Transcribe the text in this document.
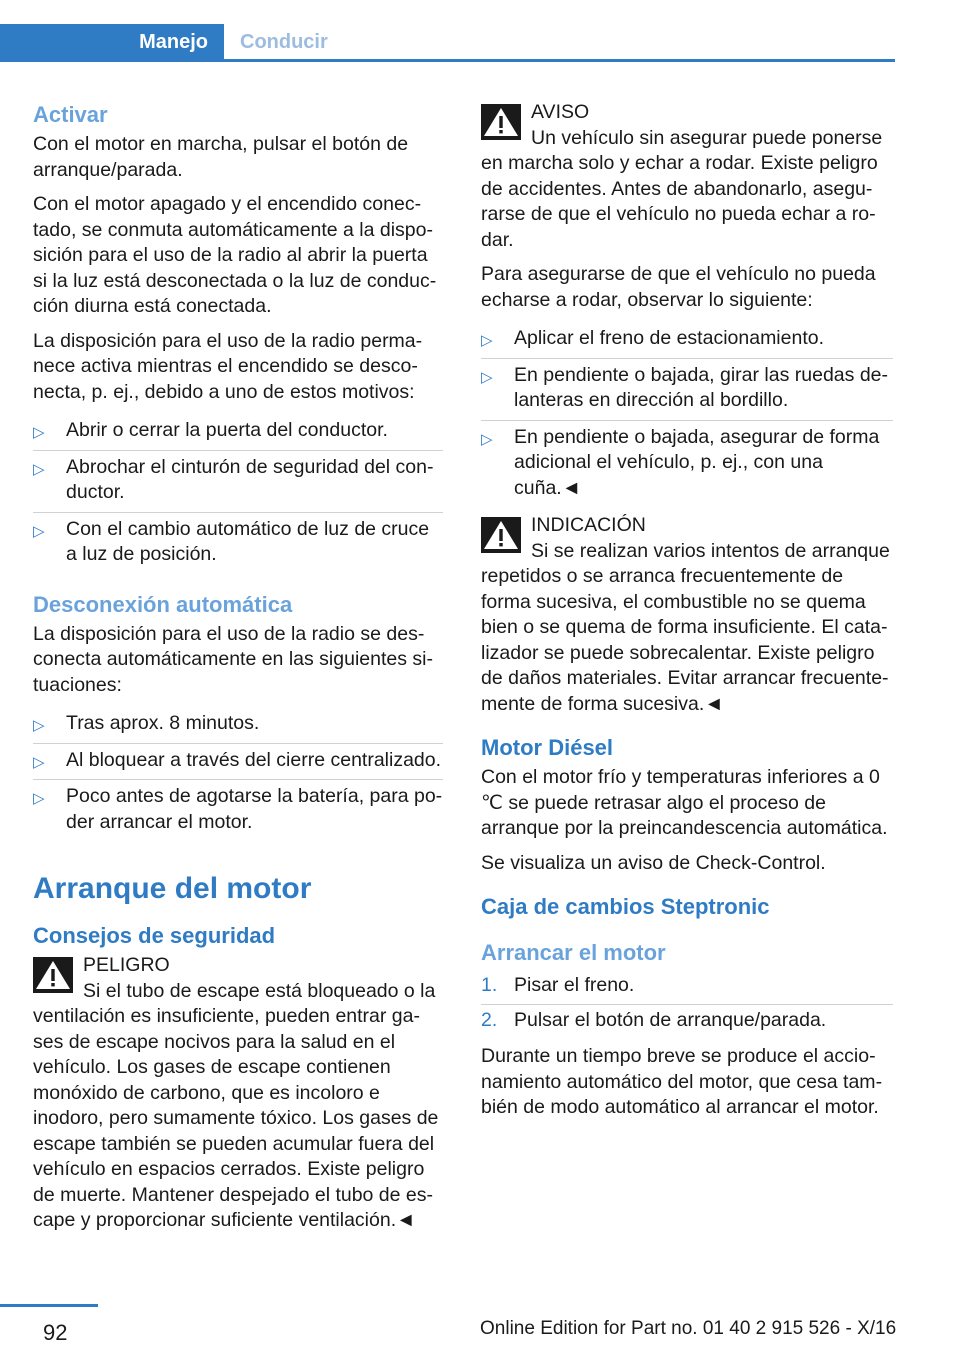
Manejo Conducir
Activar

Con el motor en marcha, pulsar el botón de arranque/parada.

Con el motor apagado y el encendido conectado, se conmuta automáticamente a la disposición para el uso de la radio al abrir la puerta si la luz está desconectada o la luz de conducción diurna está conectada.

La disposición para el uso de la radio permanece activa mientras el encendido se desconecta, p. ej., debido a uno de estos motivos:

▷ Abrir o cerrar la puerta del conductor.
▷ Abrochar el cinturón de seguridad del conductor.
▷ Con el cambio automático de luz de cruce a luz de posición.
Desconexión automática

La disposición para el uso de la radio se desconecta automáticamente en las siguientes situaciones:

▷ Tras aprox. 8 minutos.
▷ Al bloquear a través del cierre centralizado.
▷ Poco antes de agotarse la batería, para poder arrancar el motor.
Arranque del motor
Consejos de seguridad
PELIGRO
Si el tubo de escape está bloqueado o la ventilación es insuficiente, pueden entrar gases de escape nocivos para la salud en el vehículo. Los gases de escape contienen monóxido de carbono, que es incoloro e inodoro, pero sumamente tóxico. Los gases de escape también se pueden acumular fuera del vehículo en espacios cerrados. Existe peligro de muerte. Mantener despejado el tubo de escape y proporcionar suficiente ventilación.◄
AVISO
Un vehículo sin asegurar puede ponerse en marcha solo y echar a rodar. Existe peligro de accidentes. Antes de abandonarlo, asegurarse de que el vehículo no pueda echar a rodar.

Para asegurarse de que el vehículo no pueda echarse a rodar, observar lo siguiente:

▷ Aplicar el freno de estacionamiento.
▷ En pendiente o bajada, girar las ruedas delanteras en dirección al bordillo.
▷ En pendiente o bajada, asegurar de forma adicional el vehículo, p. ej., con una cuña.◄
INDICACIÓN
Si se realizan varios intentos de arranque repetidos o se arranca frecuentemente de forma sucesiva, el combustible no se quema bien o se quema de forma insuficiente. El catalizador se puede sobrecalentar. Existe peligro de daños materiales. Evitar arrancar frecuentemente de forma sucesiva.◄
Motor Diésel

Con el motor frío y temperaturas inferiores a 0 ℃ se puede retrasar algo el proceso de arranque por la preincandescencia automática.

Se visualiza un aviso de Check-Control.

Caja de cambios Steptronic
Arrancar el motor
1. Pisar el freno.
2. Pulsar el botón de arranque/parada.

Durante un tiempo breve se produce el accionamiento automático del motor, que cesa también de modo automático al arrancar el motor.

92	Online Edition for Part no. 01 40 2 915 526 - X/16
